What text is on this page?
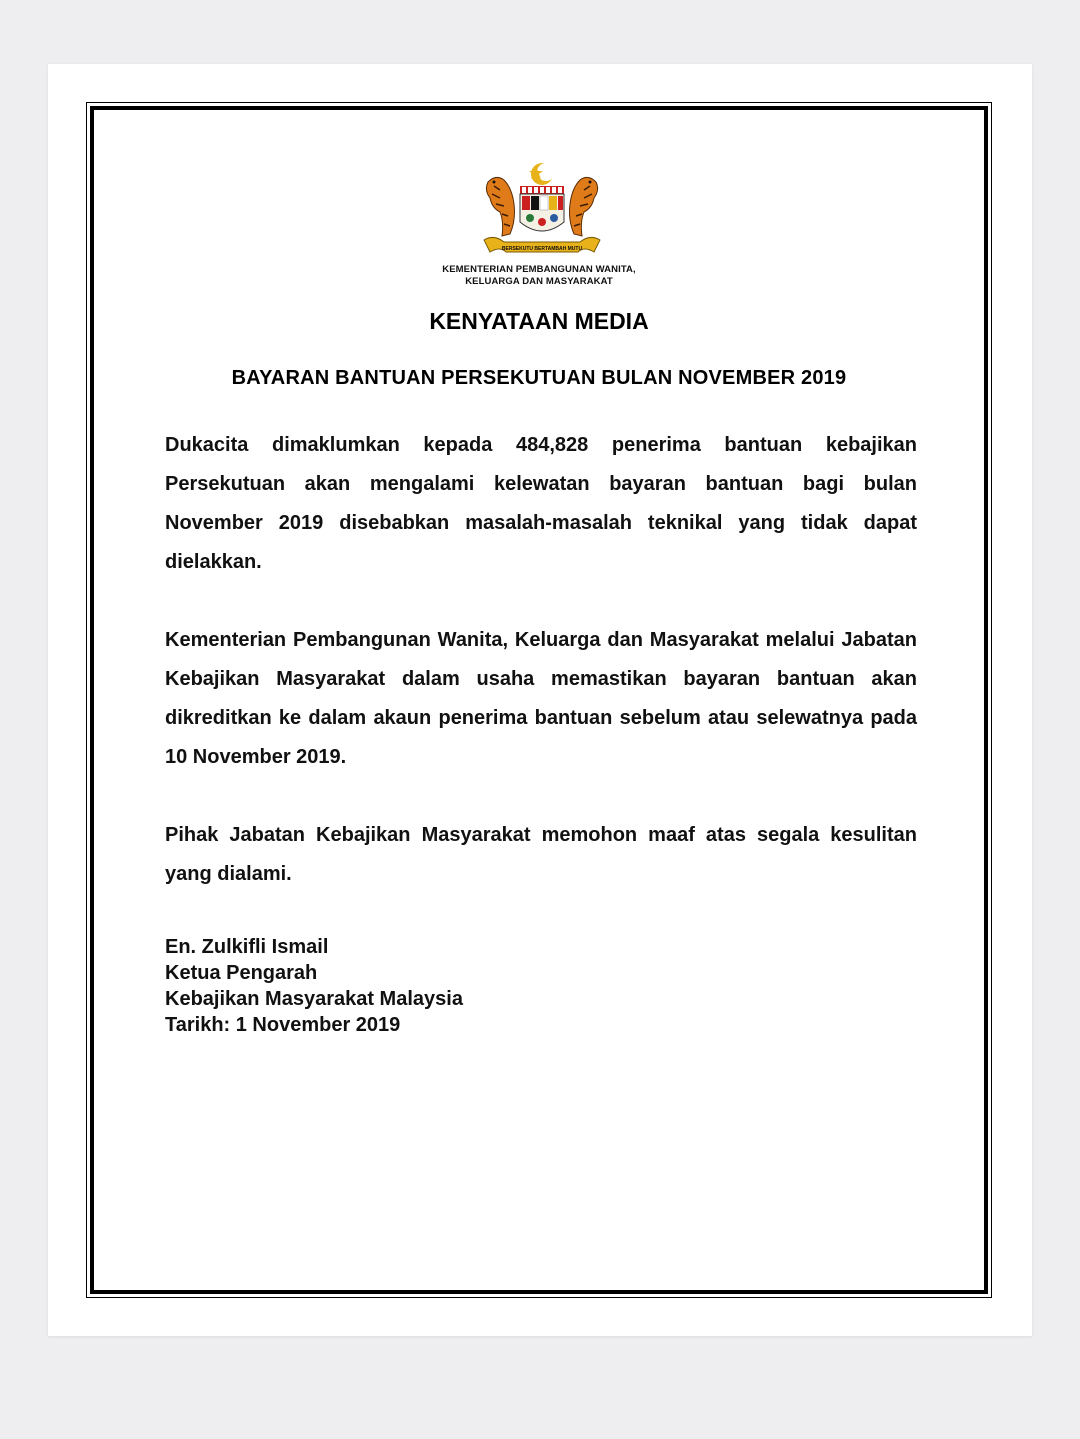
BERSEKUTU BERTAMBAH MUTU
KEMENTERIAN PEMBANGUNAN WANITA,
KELUARGA DAN MASYARAKAT
KENYATAAN MEDIA
BAYARAN BANTUAN PERSEKUTUAN BULAN NOVEMBER 2019
Dukacita dimaklumkan kepada 484,828 penerima bantuan kebajikan Persekutuan akan mengalami kelewatan bayaran bantuan bagi bulan November 2019 disebabkan masalah-masalah teknikal yang tidak dapat dielakkan.
Kementerian Pembangunan Wanita, Keluarga dan Masyarakat melalui Jabatan Kebajikan Masyarakat dalam usaha memastikan bayaran bantuan akan dikreditkan ke dalam akaun penerima bantuan sebelum atau selewatnya pada 10 November 2019.
Pihak Jabatan Kebajikan Masyarakat memohon maaf atas segala kesulitan yang dialami.
En. Zulkifli Ismail
Ketua Pengarah
Kebajikan Masyarakat Malaysia
Tarikh: 1 November 2019
